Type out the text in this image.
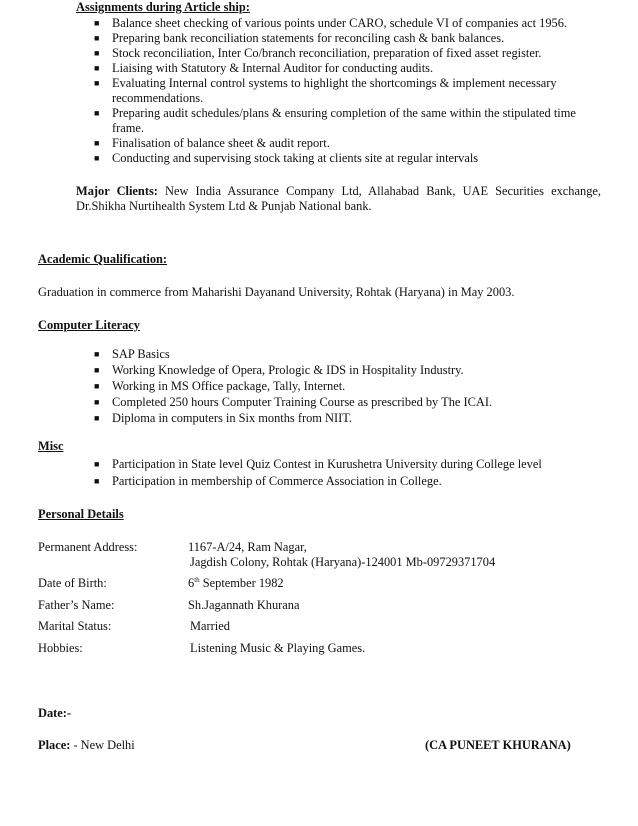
Assignments during Article ship:
■ Balance sheet checking of various points under CARO, schedule VI of companies act 1956.
■ Preparing bank reconciliation statements for reconciling cash & bank balances.
■ Stock reconciliation, Inter Co/branch reconciliation, preparation of fixed asset register.
■ Liaising with Statutory & Internal Auditor for conducting audits.
■ Evaluating Internal control systems to highlight the shortcomings & implement necessary recommendations.
■ Preparing audit schedules/plans & ensuring completion of the same within the stipulated time frame.
■ Finalisation of balance sheet & audit report.
■ Conducting and supervising stock taking at clients site at regular intervals
Major Clients: New India Assurance Company Ltd, Allahabad Bank, UAE Securities exchange, Dr.Shikha Nurtihealth System Ltd & Punjab National bank.
Academic Qualification:
Graduation in commerce from Maharishi Dayanand University, Rohtak (Haryana) in May 2003.
Computer Literacy
■ SAP Basics
■ Working Knowledge of Opera, Prologic & IDS in Hospitality Industry.
■ Working in MS Office package, Tally, Internet.
■ Completed 250 hours Computer Training Course as prescribed by The ICAI.
■ Diploma in computers in Six months from NIIT.
Misc
■ Participation in State level Quiz Contest in Kurushetra University during College level
■ Participation in membership of Commerce Association in College.
Personal Details
Permanent Address:	1167-A/24, Ram Nagar,
Jagdish Colony, Rohtak (Haryana)-124001 Mb-09729371704
Date of Birth:	6th September 1982
Father’s Name:	Sh.Jagannath Khurana
Marital Status:	Married
Hobbies:	Listening Music & Playing Games.
Date:-
Place: - New Delhi	(CA PUNEET KHURANA)
